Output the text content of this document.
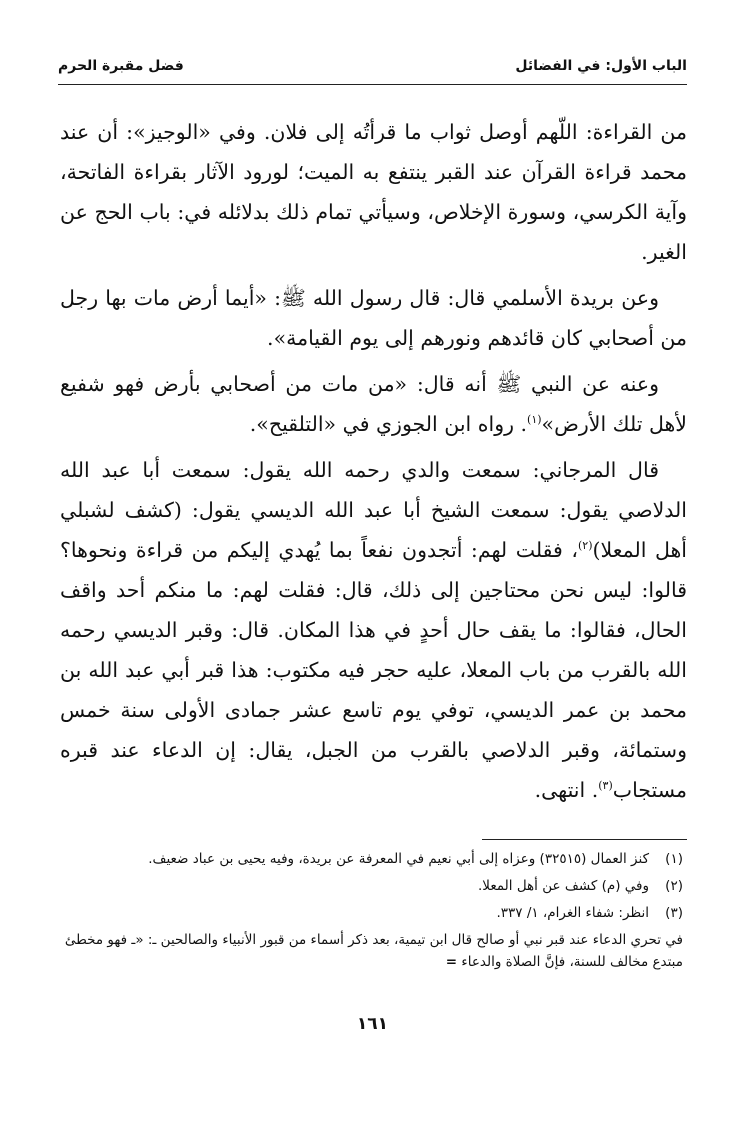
الباب الأول: في الفضائل
فضل مقبرة الحرم

من القراءة: اللّهم أوصل ثواب ما قرأتُه إلى فلان. وفي «الوجيز»: أن عند محمد قراءة القرآن عند القبر ينتفع به الميت؛ لورود الآثار بقراءة الفاتحة، وآية الكرسي، وسورة الإخلاص، وسيأتي تمام ذلك بدلائله في: باب الحج عن الغير.

وعن بريدة الأسلمي قال: قال رسول الله ﷺ: «أيما أرض مات بها رجل من أصحابي كان قائدهم ونورهم إلى يوم القيامة».

وعنه عن النبي ﷺ أنه قال: «من مات من أصحابي بأرض فهو شفيع لأهل تلك الأرض»$^{(١)}$. رواه ابن الجوزي في «التلقيح».

قال المرجاني: سمعت والدي رحمه الله يقول: سمعت أبا عبد الله الدلاصي يقول: سمعت الشيخ أبا عبد الله الديسي يقول: (كشف لشبلي أهل المعلا)$^{(٢)}$، فقلت لهم: أتجدون نفعاً بما يُهدي إليكم من قراءة ونحوها؟ قالوا: ليس نحن محتاجين إلى ذلك، قال: فقلت لهم: ما منكم أحد واقف الحال، فقالوا: ما يقف حال أحدٍ في هذا المكان. قال: وقبر الديسي رحمه الله بالقرب من باب المعلا، عليه حجر فيه مكتوب: هذا قبر أبي عبد الله بن محمد بن عمر الديسي، توفي يوم تاسع عشر جمادى الأولى سنة خمس وستمائة، وقبر الدلاصي بالقرب من الجبل، يقال: إن الدعاء عند قبره مستجاب$^{(٣)}$. انتهى.

(١)
كنز العمال (٣٢٥١٥) وعزاه إلى أبي نعيم في المعرفة عن بريدة، وفيه يحيى بن عباد ضعيف.
(٢)
وفي (م) كشف عن أهل المعلا.
(٣)
انظر: شفاء الغرام، ١/ ٣٣٧.
في تحري الدعاء عند قبر نبي أو صالح قال ابن تيمية، بعد ذكر أسماء من قبور الأنبياء والصالحين ـ: «ـ فهو مخطئ مبتدع مخالف للسنة، فإنَّ الصلاة والدعاء =
١٦١
